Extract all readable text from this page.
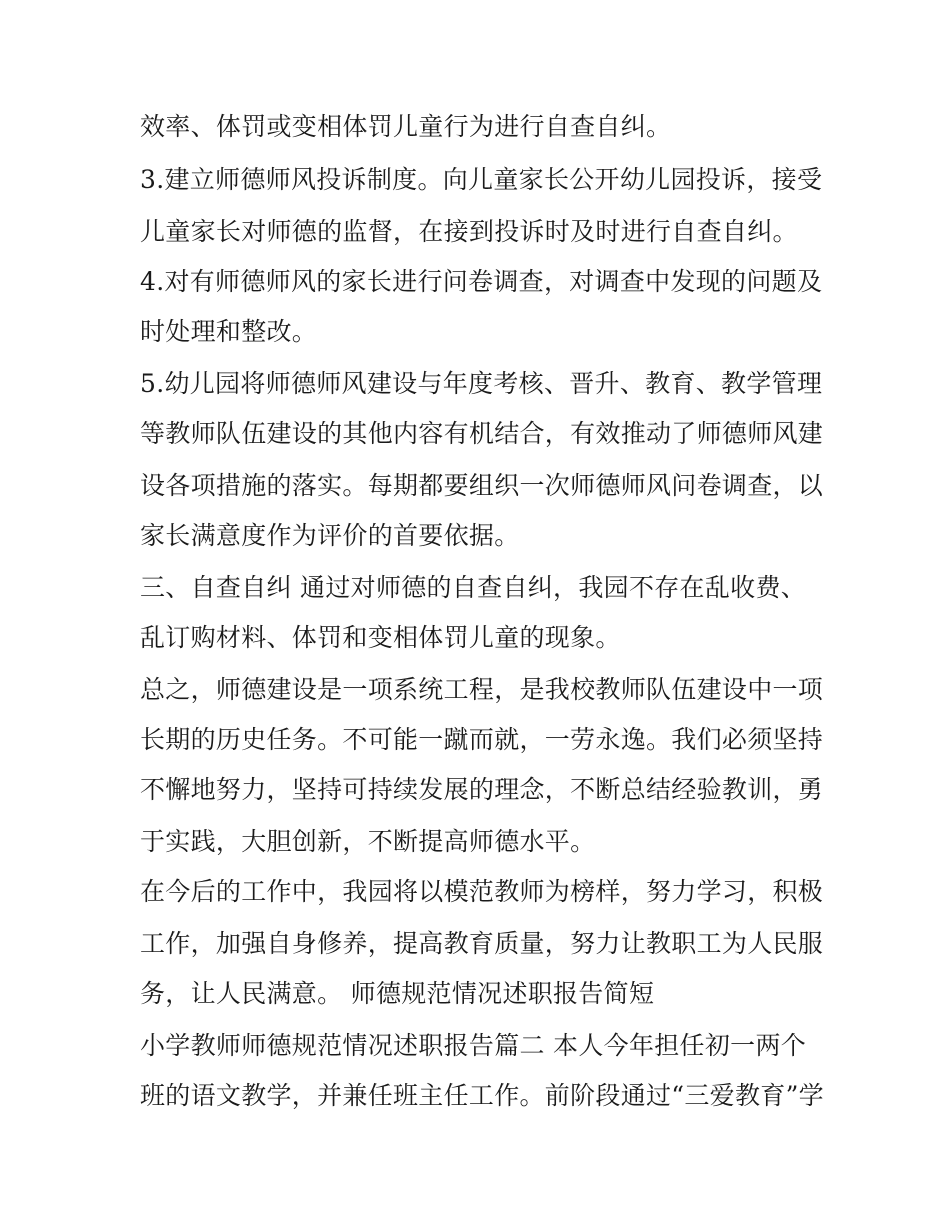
效率、体罚或变相体罚儿童行为进行自查自纠。
3.建立师德师风投诉制度。向儿童家长公开幼儿园投诉，接受
儿童家长对师德的监督，在接到投诉时及时进行自查自纠。
4.对有师德师风的家长进行问卷调查，对调查中发现的问题及
时处理和整改。
5.幼儿园将师德师风建设与年度考核、晋升、教育、教学管理
等教师队伍建设的其他内容有机结合，有效推动了师德师风建
设各项措施的落实。每期都要组织一次师德师风问卷调查，以
家长满意度作为评价的首要依据。
三、自查自纠 通过对师德的自查自纠，我园不存在乱收费、
乱订购材料、体罚和变相体罚儿童的现象。
总之，师德建设是一项系统工程，是我校教师队伍建设中一项
长期的历史任务。不可能一蹴而就，一劳永逸。我们必须坚持
不懈地努力，坚持可持续发展的理念，不断总结经验教训，勇
于实践，大胆创新，不断提高师德水平。
在今后的工作中，我园将以模范教师为榜样，努力学习，积极
工作，加强自身修养，提高教育质量，努力让教职工为人民服
务，让人民满意。 师德规范情况述职报告简短
小学教师师德规范情况述职报告篇二 本人今年担任初一两个
班的语文教学，并兼任班主任工作。前阶段通过“三爱教育”学
